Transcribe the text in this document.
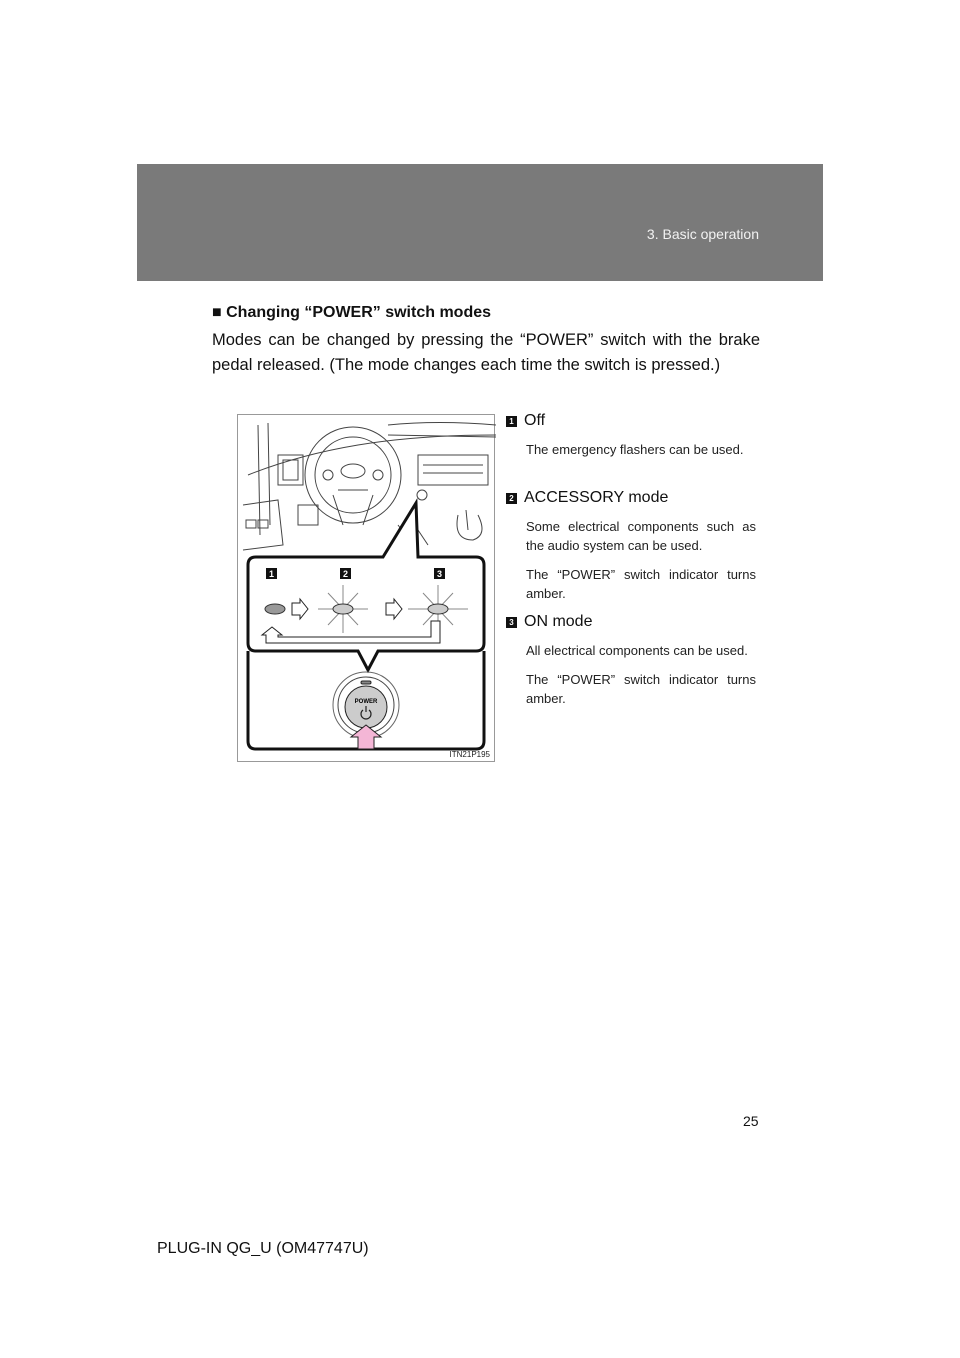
3. Basic operation
■ Changing “POWER” switch modes
Modes can be changed by pressing the “POWER” switch with the brake pedal released. (The mode changes each time the switch is pressed.)
POWER
1	2	3
ITN21P195
1 Off
The emergency flashers can be used.
2 ACCESSORY mode
Some electrical components such as the audio system can be used.
The “POWER” switch indicator turns amber.
3 ON mode
All electrical components can be used.
The “POWER” switch indicator turns amber.
25
PLUG-IN QG_U (OM47747U)
